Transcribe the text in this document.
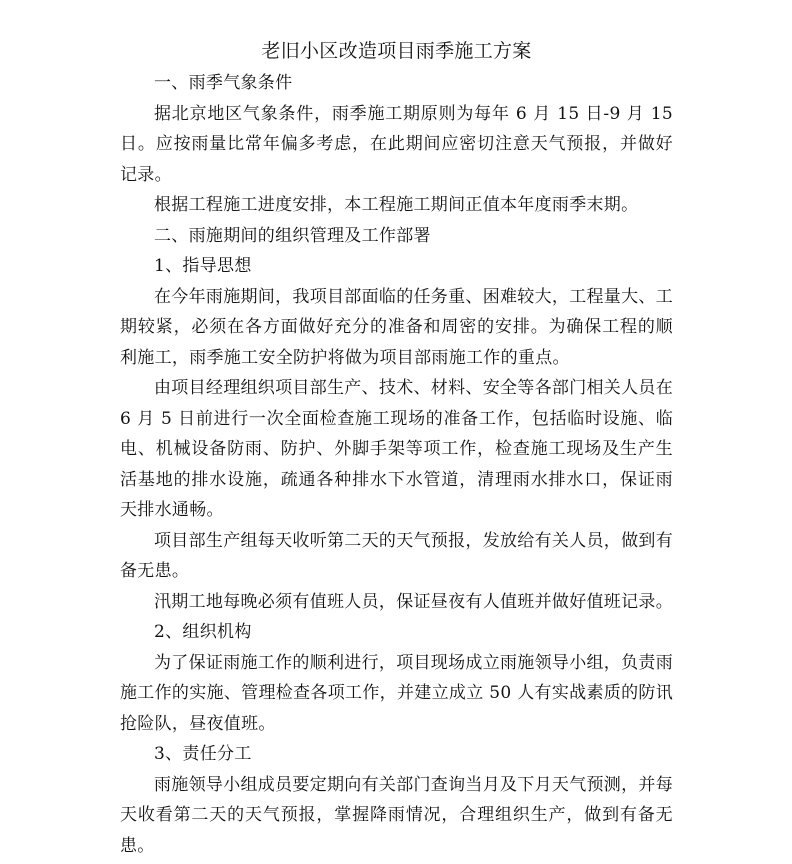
老旧小区改造项目雨季施工方案

一、雨季气象条件

据北京地区气象条件，雨季施工期原则为每年 6 月 15 日-9 月 15 日。应按雨量比常年偏多考虑，在此期间应密切注意天气预报，并做好记录。

根据工程施工进度安排，本工程施工期间正值本年度雨季末期。

二、雨施期间的组织管理及工作部署

1、指导思想

在今年雨施期间，我项目部面临的任务重、困难较大，工程量大、工期较紧，必须在各方面做好充分的准备和周密的安排。为确保工程的顺利施工，雨季施工安全防护将做为项目部雨施工作的重点。

由项目经理组织项目部生产、技术、材料、安全等各部门相关人员在 6 月 5 日前进行一次全面检查施工现场的准备工作，包括临时设施、临电、机械设备防雨、防护、外脚手架等项工作，检查施工现场及生产生活基地的排水设施，疏通各种排水下水管道，清理雨水排水口，保证雨天排水通畅。

项目部生产组每天收听第二天的天气预报，发放给有关人员，做到有备无患。

汛期工地每晚必须有值班人员，保证昼夜有人值班并做好值班记录。

2、组织机构

为了保证雨施工作的顺利进行，项目现场成立雨施领导小组，负责雨施工作的实施、管理检查各项工作，并建立成立 50 人有实战素质的防讯抢险队，昼夜值班。

3、责任分工

雨施领导小组成员要定期向有关部门查询当月及下月天气预测，并每天收看第二天的天气预报，掌握降雨情况，合理组织生产，做到有备无患。
